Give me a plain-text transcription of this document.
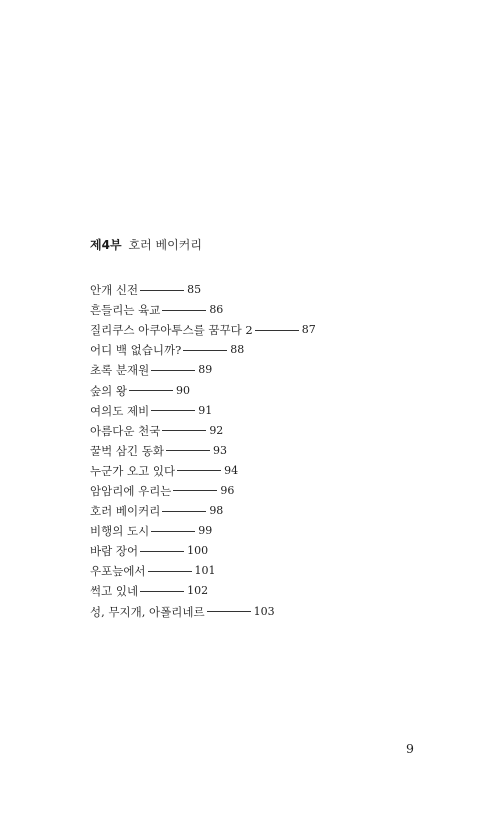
제4부 호러 베이커리
안개 신전	85
흔들리는 육교	86
질리쿠스 아쿠아투스를 꿈꾸다 2	87
어디 백 없습니까?	88
초록 분재원	89
숲의 왕	90
여의도 제비	91
아름다운 천국	92
꿀벅 삼긴 동화	93
누군가 오고 있다	94
암암리에 우리는	96
호러 베이커리	98
비행의 도시	99
바람 장어	100
우포늪에서	101
썩고 있네	102
성, 무지개, 아폴리네르	103
9
